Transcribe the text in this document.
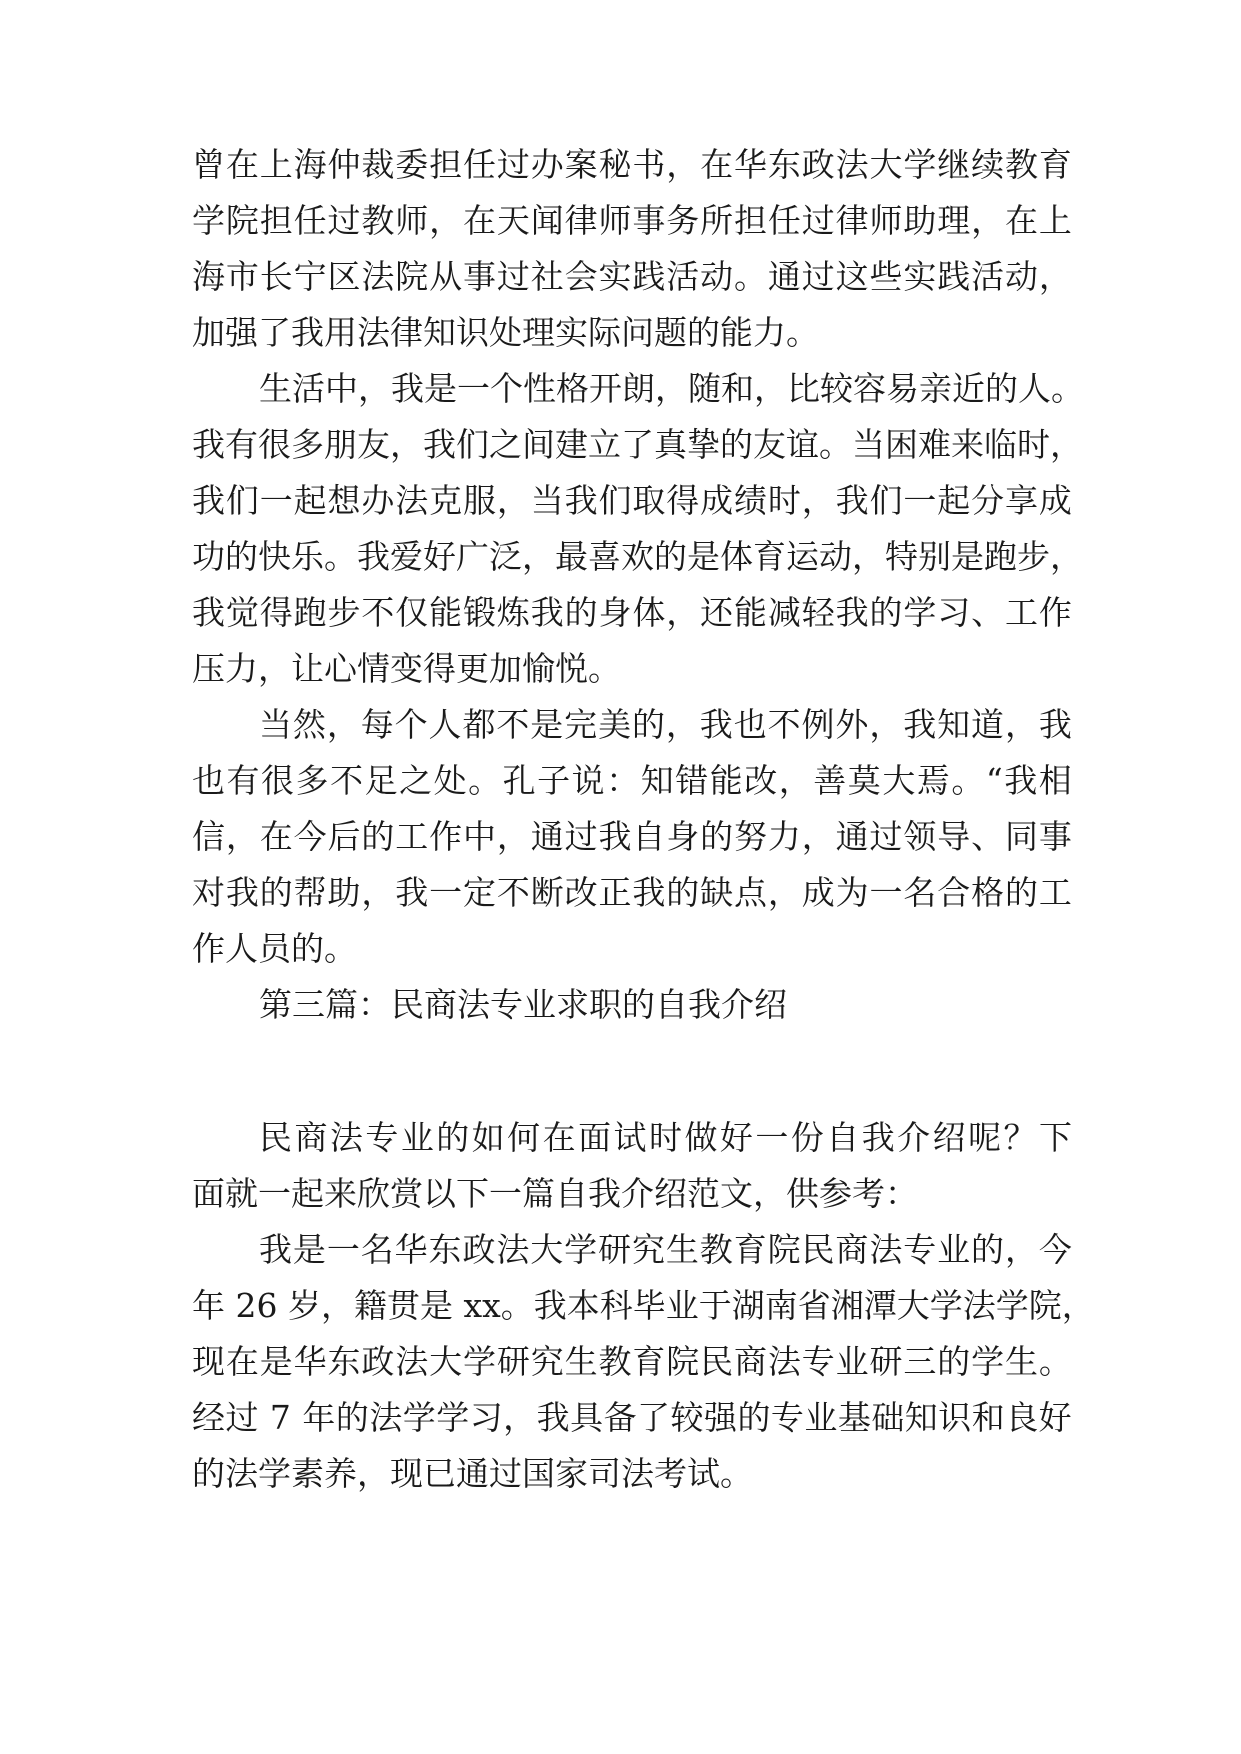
曾 在 上 海 仲 裁 委 担 任 过 办 案 秘 书 ， 在 华 东 政 法 大 学 继 续 教 育
学 院 担 任 过 教 师 ， 在 天 闻 律 师 事 务 所 担 任 过 律 师 助 理 ， 在 上
海 市 长 宁 区 法 院 从 事 过 社 会 实 践 活 动 。 通 过 这 些 实 践 活 动 ，
加强了我用法律知识处理实际问题的能力。
生 活 中 ， 我 是 一 个 性 格 开 朗 ， 随 和 ， 比 较 容 易 亲 近 的 人 。
我 有 很 多 朋 友 ， 我 们 之 间 建 立 了 真 挚 的 友 谊 。 当 困 难 来 临 时 ，
我 们 一 起 想 办 法 克 服 ， 当 我 们 取 得 成 绩 时 ， 我 们 一 起 分 享 成
功 的 快 乐 。 我 爱 好 广 泛 ， 最 喜 欢 的 是 体 育 运 动 ， 特 别 是 跑 步 ，
我 觉 得 跑 步 不 仅 能 锻 炼 我 的 身 体 ， 还 能 减 轻 我 的 学 习 、 工 作
压力，让心情变得更加愉悦。
当 然 ， 每 个 人 都 不 是 完 美 的 ， 我 也 不 例 外 ， 我 知 道 ， 我
也 有 很 多 不 足 之 处 。 孔 子 说 ： 知 错 能 改 ， 善 莫 大 焉 。 “ 我 相
信 ， 在 今 后 的 工 作 中 ， 通 过 我 自 身 的 努 力 ， 通 过 领 导 、 同 事
对 我 的 帮 助 ， 我 一 定 不 断 改 正 我 的 缺 点 ， 成 为 一 名 合 格 的 工
作人员的。
第三篇：民商法专业求职的自我介绍
民 商 法 专 业 的 如 何 在 面 试 时 做 好 一 份 自 我 介 绍 呢 ？ 下
面就一起来欣赏以下一篇自我介绍范文，供参考：
我 是 一 名 华 东 政 法 大 学 研 究 生 教 育 院 民 商 法 专 业 的 ， 今
年
2 6
岁 ， 籍 贯 是
x x 。 我 本 科 毕 业 于 湖 南 省 湘 潭 大 学 法 学 院 ，
现 在 是 华 东 政 法 大 学 研 究 生 教 育 院 民 商 法 专 业 研 三 的 学 生 。
经 过
7
年 的 法 学 学 习 ， 我 具 备 了 较 强 的 专 业 基 础 知 识 和 良 好
的法学素养，现已通过国家司法考试。
